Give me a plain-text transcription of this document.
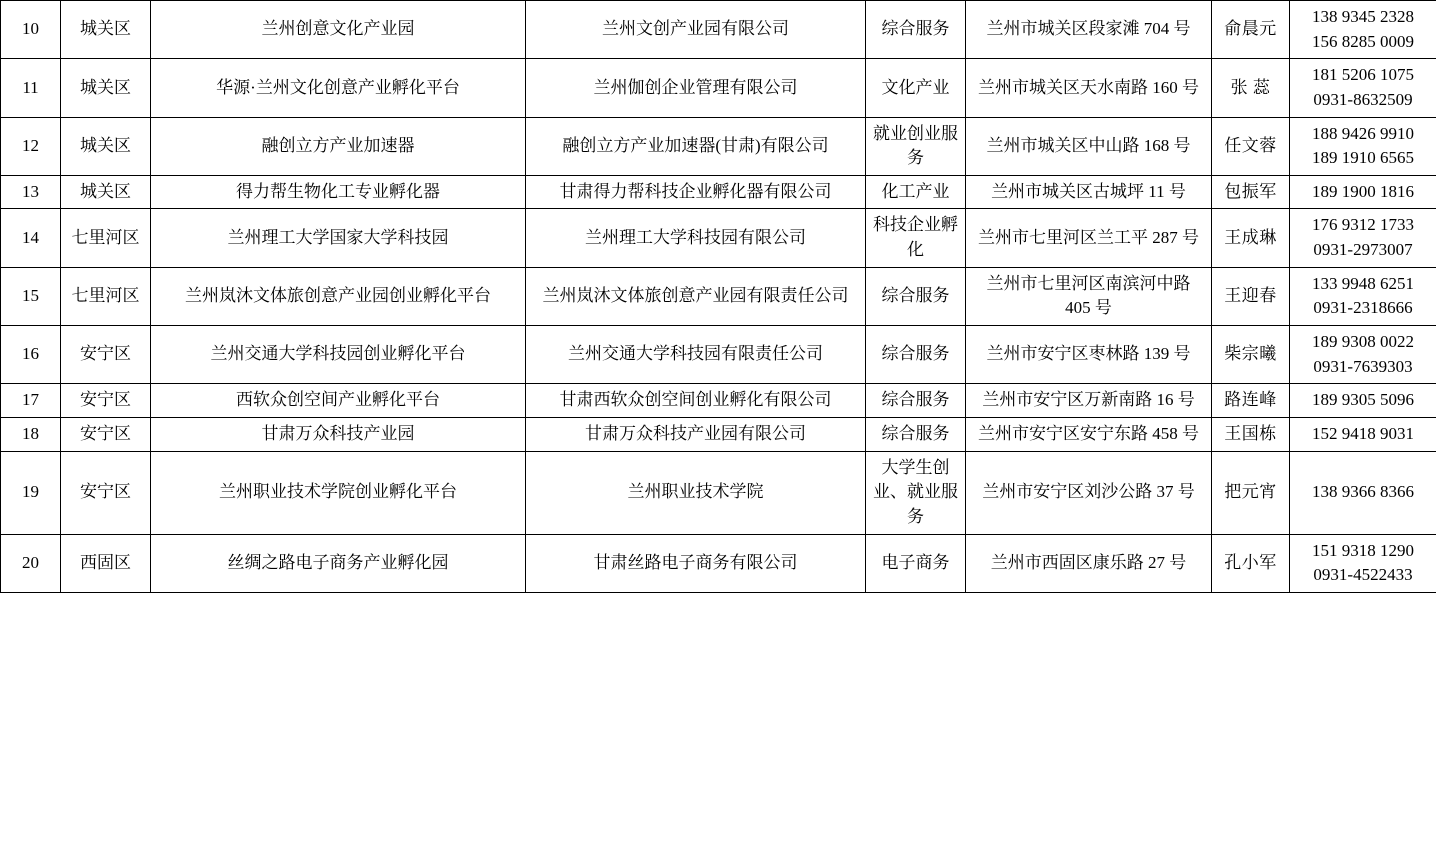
10	城关区	兰州创意文化产业园	兰州文创产业园有限公司	综合服务	兰州市城关区段家滩 704 号	俞晨元	138 9345 2328
156 8285 0009

11	城关区	华源·兰州文化创意产业孵化平台	兰州伽创企业管理有限公司	文化产业	兰州市城关区天水南路 160 号	张 蕊	181 5206 1075
0931-8632509

12	城关区	融创立方产业加速器	融创立方产业加速器(甘肃)有限公司	就业创业服务	兰州市城关区中山路 168 号	任文蓉	188 9426 9910
189 1910 6565

13	城关区	得力帮生物化工专业孵化器	甘肃得力帮科技企业孵化器有限公司	化工产业	兰州市城关区古城坪 11 号	包振军	189 1900 1816

14	七里河区	兰州理工大学国家大学科技园	兰州理工大学科技园有限公司	科技企业孵化	兰州市七里河区兰工平 287 号	王成琳	176 9312 1733
0931-2973007

15	七里河区	兰州岚沐文体旅创意产业园创业孵化平台	兰州岚沐文体旅创意产业园有限责任公司	综合服务	兰州市七里河区南滨河中路 405 号	王迎春	133 9948 6251
0931-2318666

16	安宁区	兰州交通大学科技园创业孵化平台	兰州交通大学科技园有限责任公司	综合服务	兰州市安宁区枣林路 139 号	柴宗曦	189 9308 0022
0931-7639303

17	安宁区	西软众创空间产业孵化平台	甘肃西软众创空间创业孵化有限公司	综合服务	兰州市安宁区万新南路 16 号	路连峰	189 9305 5096

18	安宁区	甘肃万众科技产业园	甘肃万众科技产业园有限公司	综合服务	兰州市安宁区安宁东路 458 号	王国栋	152 9418 9031

19	安宁区	兰州职业技术学院创业孵化平台	兰州职业技术学院	大学生创业、就业服务	兰州市安宁区刘沙公路 37 号	把元宵	138 9366 8366

20	西固区	丝绸之路电子商务产业孵化园	甘肃丝路电子商务有限公司	电子商务	兰州市西固区康乐路 27 号	孔小军	151 9318 1290
0931-4522433
